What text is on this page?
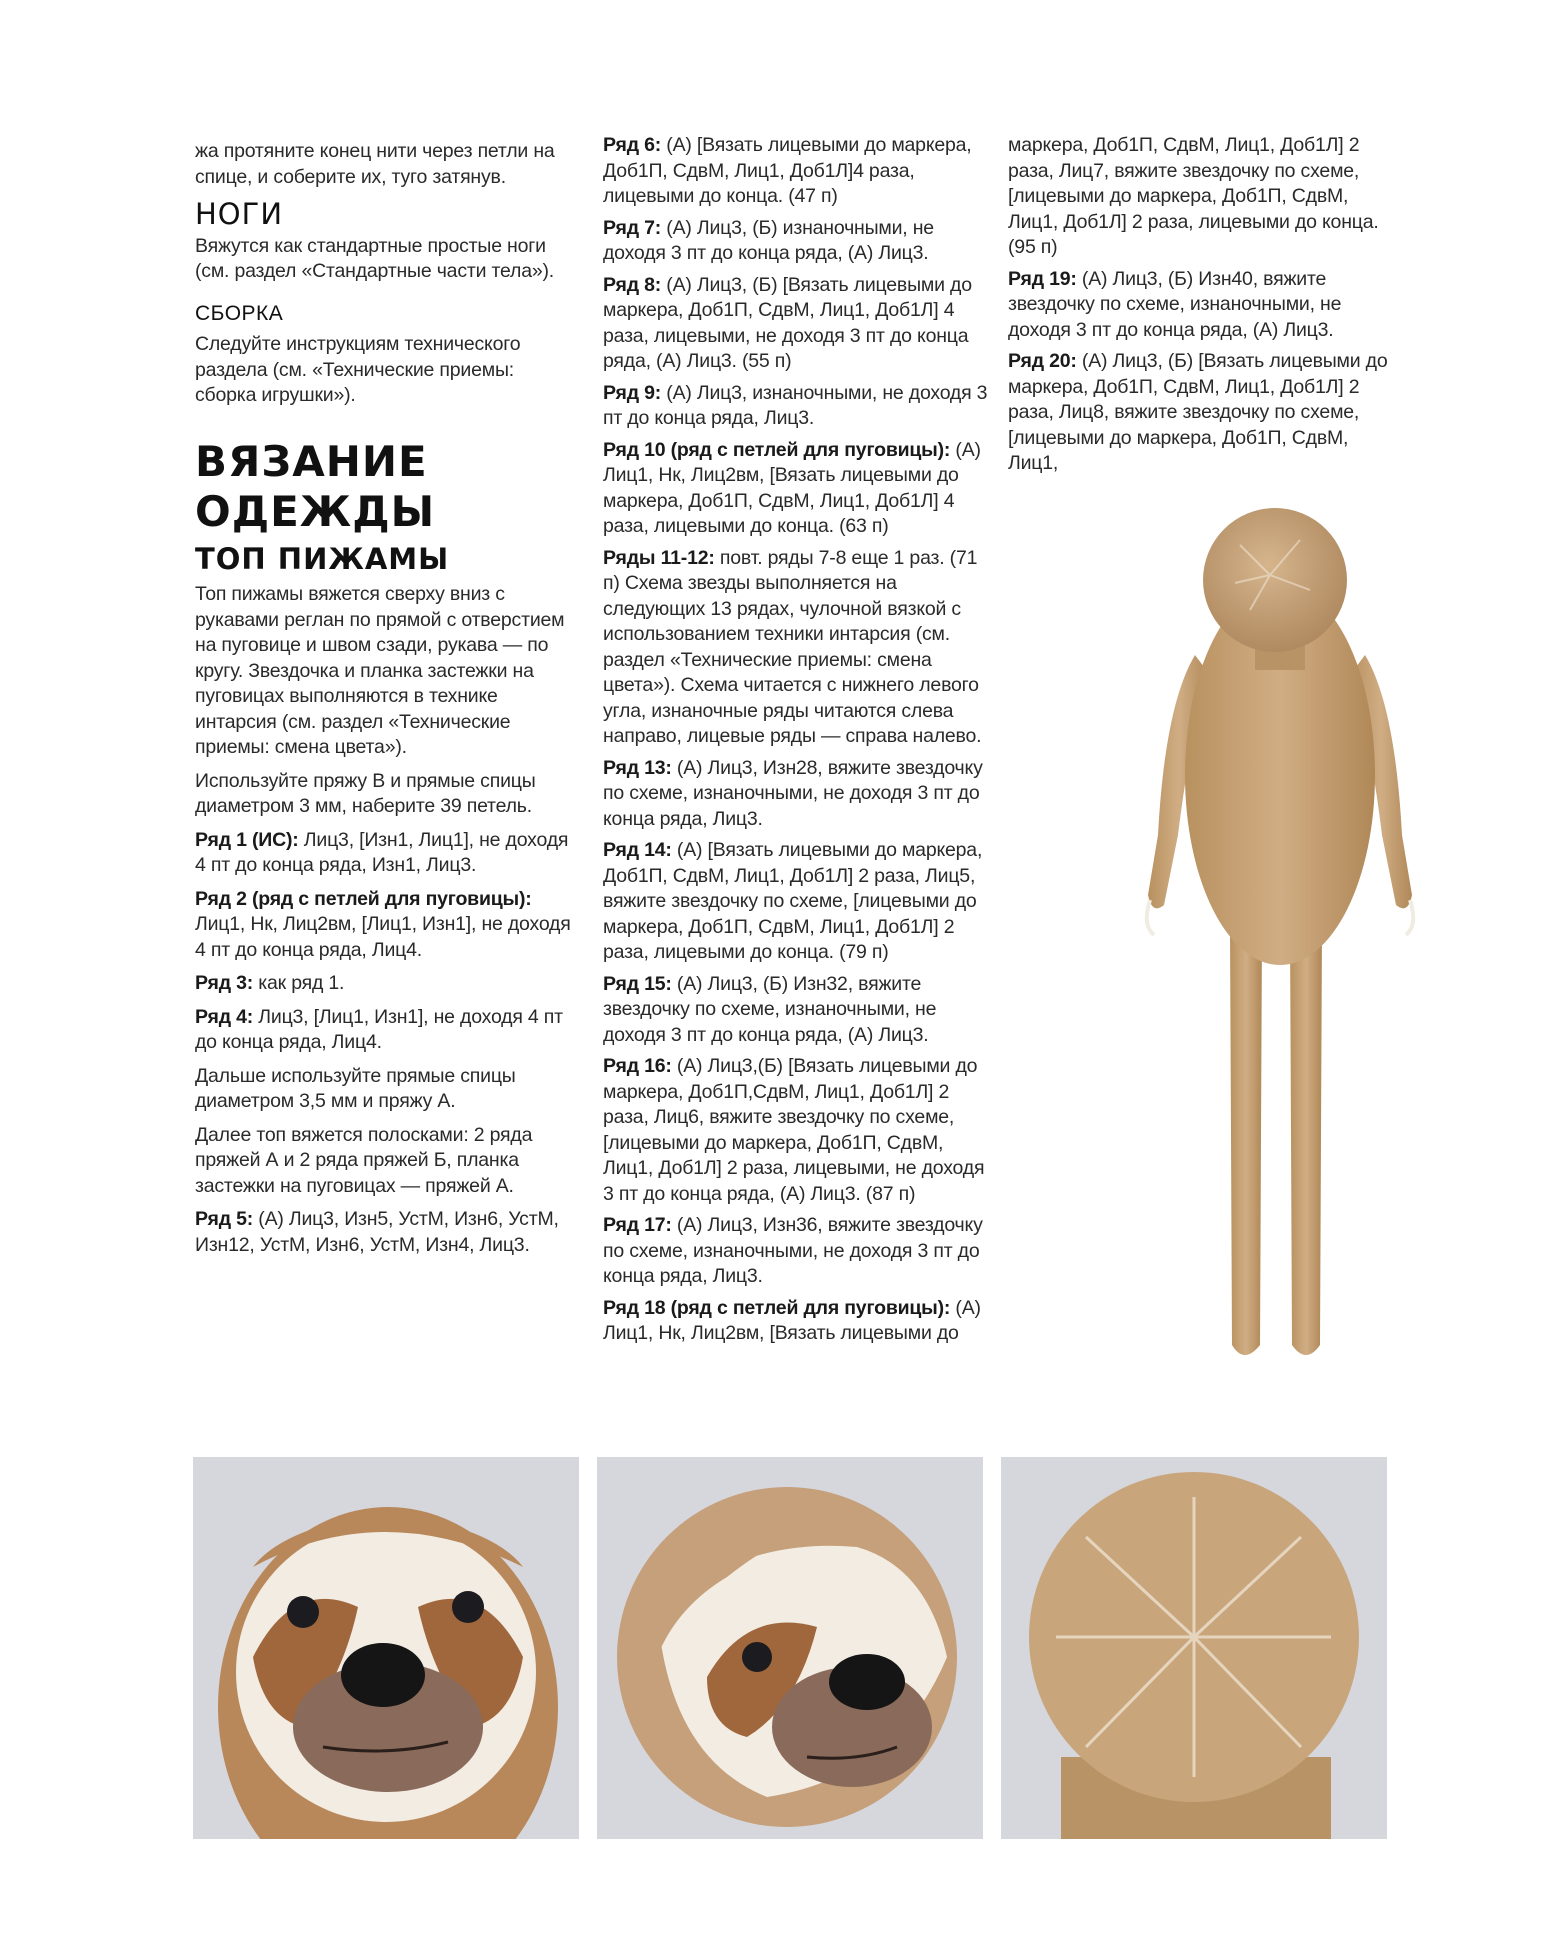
жа протяните конец нити через петли на спице, и соберите их, туго затянув.

НОГИ

Вяжутся как стандартные простые ноги (см. раздел «Стандартные части тела»).

СБОРКА

Следуйте инструкциям технического раздела (см. «Технические приемы: сборка игрушки»).

ВЯЗАНИЕ
ОДЕЖДЫ
ТОП ПИЖАМЫ

Топ пижамы вяжется сверху вниз с рукавами реглан по прямой с отверстием на пуговице и швом сзади, рукава — по кругу. Звездочка и планка застежки на пуговицах выполняются в технике интарсия (см. раздел «Технические приемы: смена цвета»).

Используйте пряжу В и прямые спицы диаметром 3 мм, наберите 39 петель.

Ряд 1 (ИС): Лиц3, [Изн1, Лиц1], не доходя 4 пт до конца ряда, Изн1, Лиц3.

Ряд 2 (ряд с петлей для пуговицы): Лиц1, Нк, Лиц2вм, [Лиц1, Изн1], не доходя 4 пт до конца ряда, Лиц4.

Ряд 3: как ряд 1.

Ряд 4: Лиц3, [Лиц1, Изн1], не доходя 4 пт до конца ряда, Лиц4.

Дальше используйте прямые спицы диаметром 3,5 мм и пряжу А.

Далее топ вяжется полосками: 2 ряда пряжей А и 2 ряда пряжей Б, планка застежки на пуговицах — пряжей А.

Ряд 5: (А) Лиц3, Изн5, УстМ, Изн6, УстМ, Изн12, УстМ, Изн6, УстМ, Изн4, Лиц3.

Ряд 6: (А) [Вязать лицевыми до маркера, Доб1П, СдвМ, Лиц1, Доб1Л]4 раза, лицевыми до конца. (47 п)

Ряд 7: (А) Лиц3, (Б) изнаночными, не доходя 3 пт до конца ряда, (А) Лиц3.

Ряд 8: (А) Лиц3, (Б) [Вязать лицевыми до маркера, Доб1П, СдвМ, Лиц1, Доб1Л] 4 раза, лицевыми, не доходя 3 пт до конца ряда, (А) Лиц3. (55 п)

Ряд 9: (А) Лиц3, изнаночными, не доходя 3 пт до конца ряда, Лиц3.

Ряд 10 (ряд с петлей для пуговицы): (А) Лиц1, Нк, Лиц2вм, [Вязать лицевыми до маркера, Доб1П, СдвМ, Лиц1, Доб1Л] 4 раза, лицевыми до конца. (63 п)

Ряды 11-12: повт. ряды 7-8 еще 1 раз. (71 п) Схема звезды выполняется на следующих 13 рядах, чулочной вязкой с использованием техники интарсия (см. раздел «Технические приемы: смена цвета»). Схема читается с нижнего левого угла, изнаночные ряды читаются слева направо, лицевые ряды — справа налево.

Ряд 13: (А) Лиц3, Изн28, вяжите звездочку по схеме, изнаночными, не доходя 3 пт до конца ряда, Лиц3.

Ряд 14: (А) [Вязать лицевыми до маркера, Доб1П, СдвМ, Лиц1, Доб1Л] 2 раза, Лиц5, вяжите звездочку по схеме, [лицевыми до маркера, Доб1П, СдвМ, Лиц1, Доб1Л] 2 раза, лицевыми до конца. (79 п)

Ряд 15: (А) Лиц3, (Б) Изн32, вяжите звездочку по схеме, изнаночными, не доходя 3 пт до конца ряда, (А) Лиц3.

Ряд 16: (А) Лиц3,(Б) [Вязать лицевыми до маркера, Доб1П,СдвМ, Лиц1, Доб1Л] 2 раза, Лиц6, вяжите звездочку по схеме, [лицевыми до маркера, Доб1П, СдвМ, Лиц1, Доб1Л] 2 раза, лицевыми, не доходя 3 пт до конца ряда, (А) Лиц3. (87 п)

Ряд 17: (А) Лиц3, Изн36, вяжите звездочку по схеме, изнаночными, не доходя 3 пт до конца ряда, Лиц3.

Ряд 18 (ряд с петлей для пуговицы): (А) Лиц1, Нк, Лиц2вм, [Вязать лицевыми до

маркера, Доб1П, СдвМ, Лиц1, Доб1Л] 2 раза, Лиц7, вяжите звездочку по схеме, [лицевыми до маркера, Доб1П, СдвМ, Лиц1, Доб1Л] 2 раза, лицевыми до конца. (95 п)

Ряд 19: (А) Лиц3, (Б) Изн40, вяжите звездочку по схеме, изнаночными, не доходя 3 пт до конца ряда, (А) Лиц3.

Ряд 20: (А) Лиц3, (Б) [Вязать лицевыми до маркера, Доб1П, СдвМ, Лиц1, Доб1Л] 2 раза, Лиц8, вяжите звездочку по схеме, [лицевыми до маркера, Доб1П, СдвМ, Лиц1,
